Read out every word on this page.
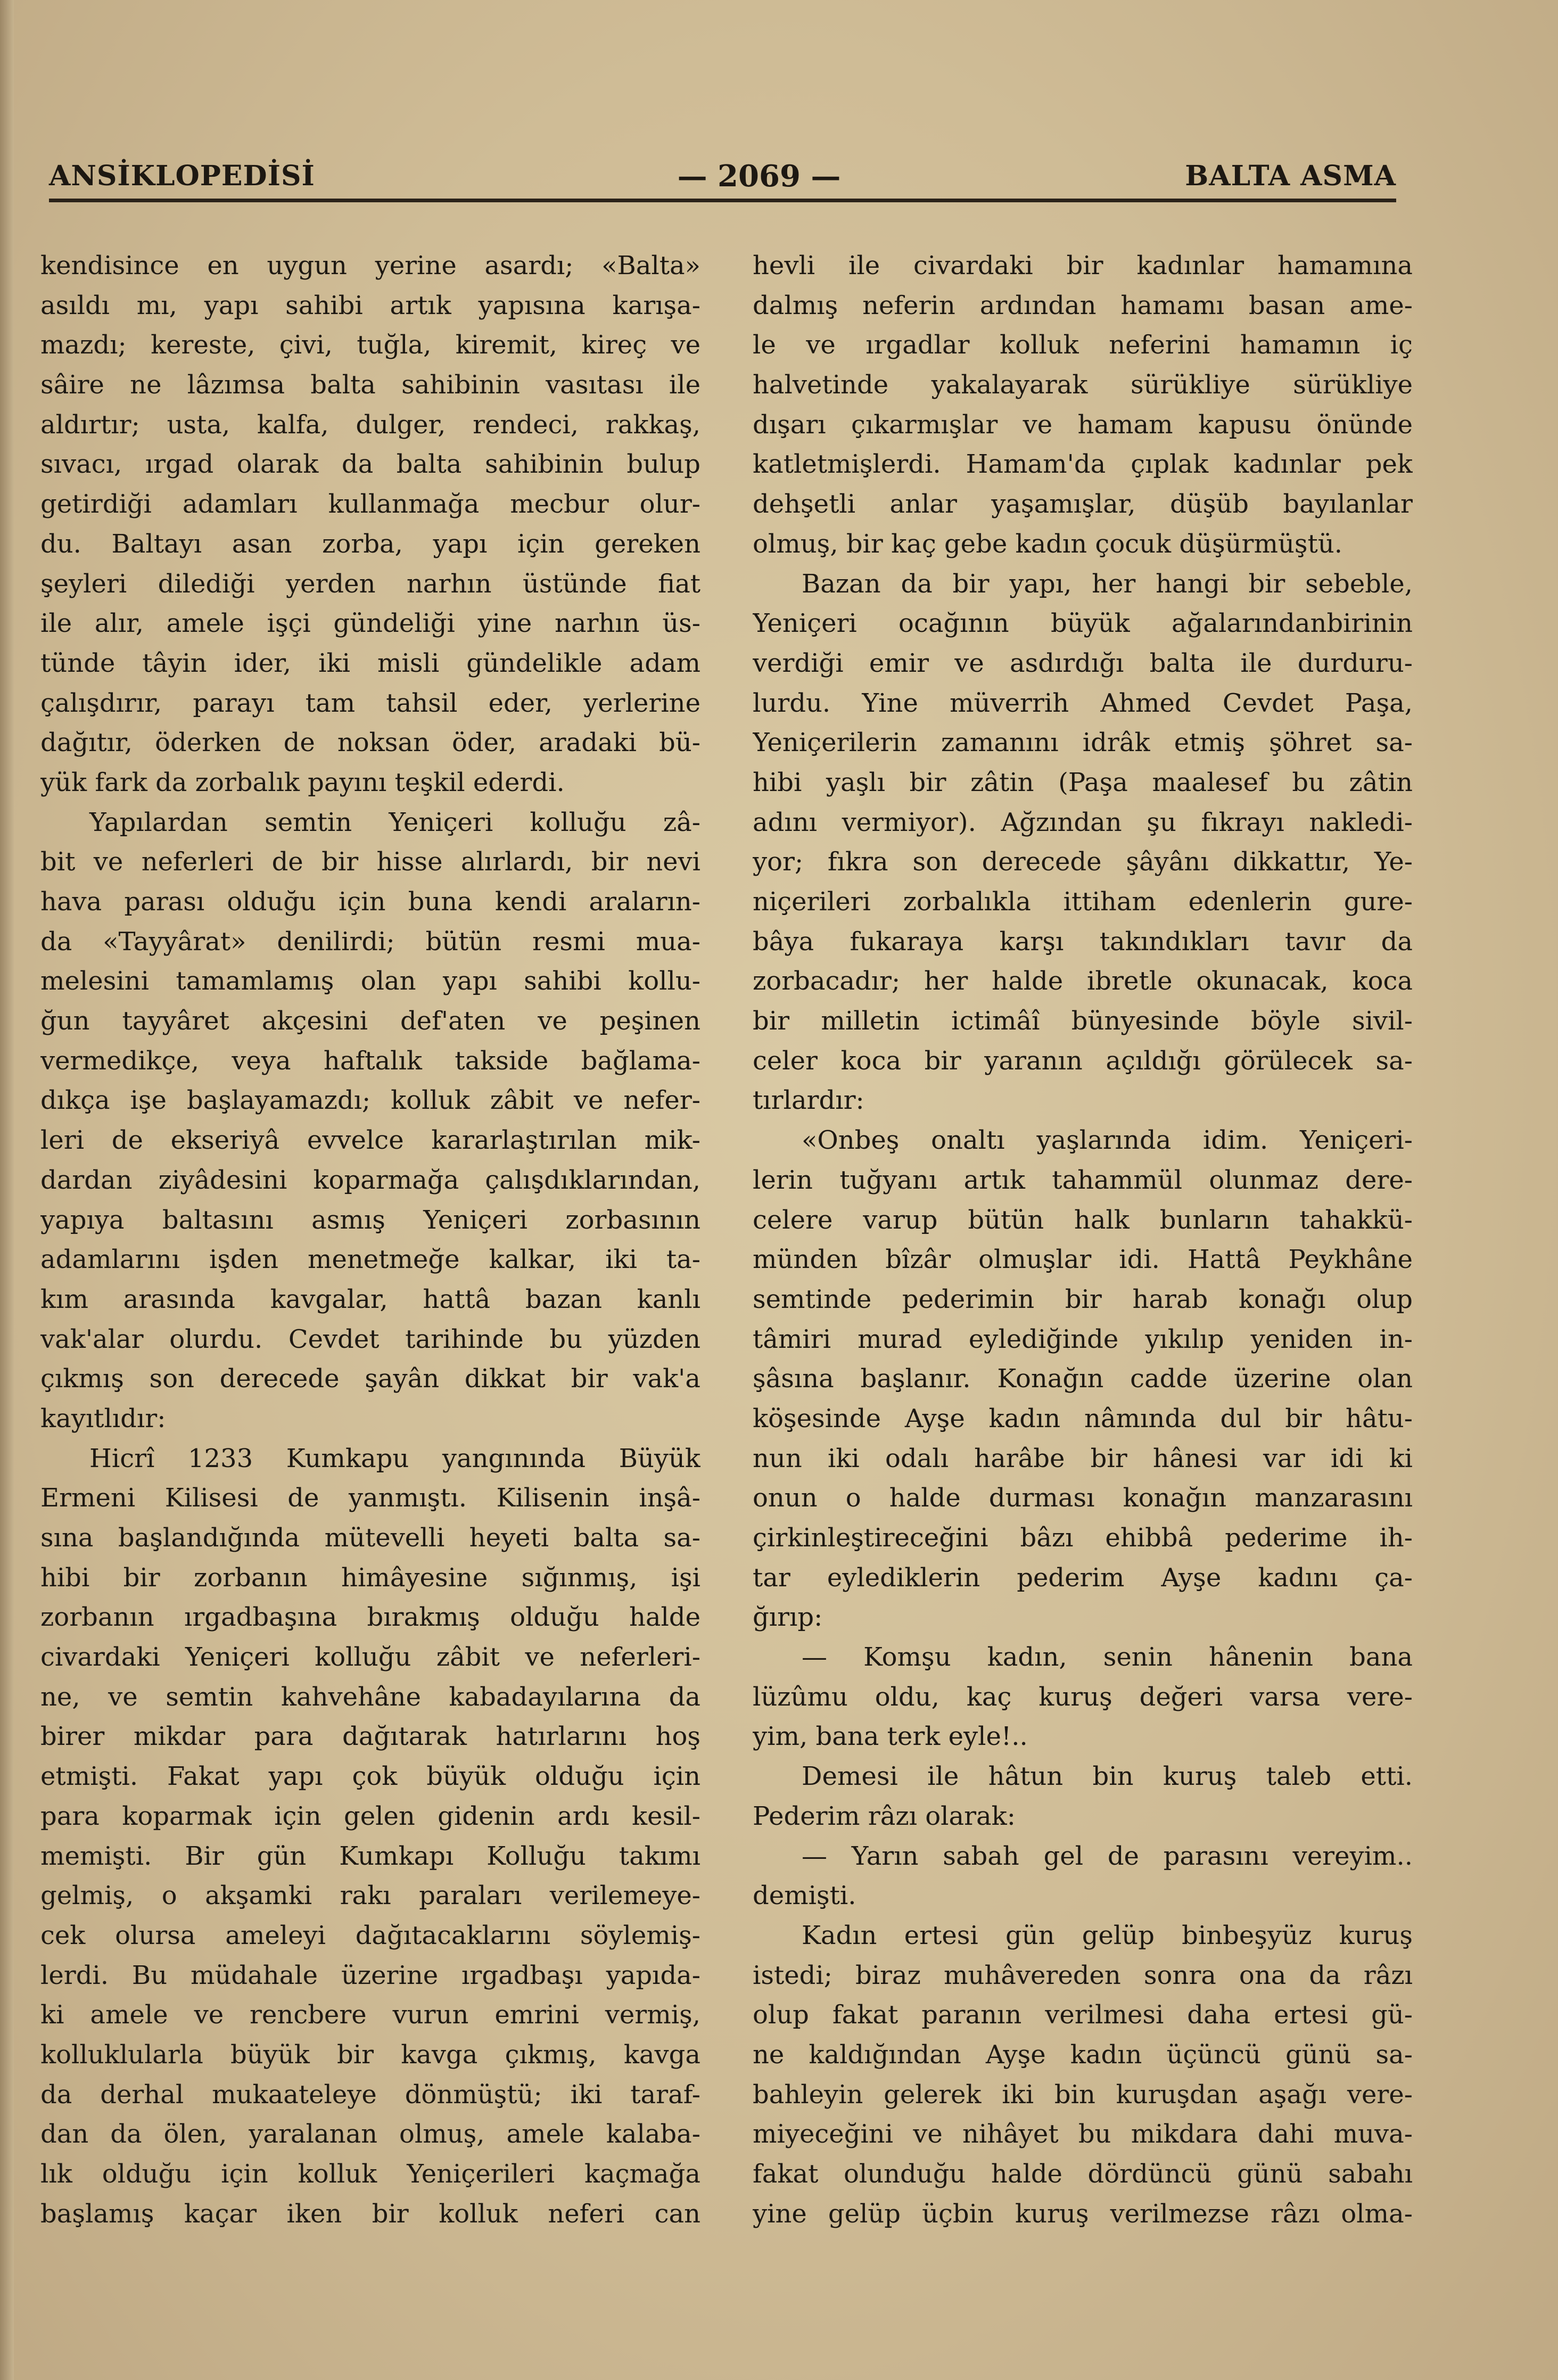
ANSİKLOPEDİSİ	— 2069 —	BALTA ASMA
kendisince en uygun yerine asardı; «Balta»
asıldı mı, yapı sahibi artık yapısına karışa-
mazdı; kereste, çivi, tuğla, kiremit, kireç ve
sâire ne lâzımsa balta sahibinin vasıtası ile
aldırtır; usta, kalfa, dulger, rendeci, rakkaş,
sıvacı, ırgad olarak da balta sahibinin bulup
getirdiği adamları kullanmağa mecbur olur-
du. Baltayı asan zorba, yapı için gereken
şeyleri dilediği yerden narhın üstünde fiat
ile alır, amele işçi gündeliği yine narhın üs-
tünde tâyin ider, iki misli gündelikle adam
çalışdırır, parayı tam tahsil eder, yerlerine
dağıtır, öderken de noksan öder, aradaki bü-
yük fark da zorbalık payını teşkil ederdi.
Yapılardan semtin Yeniçeri kolluğu zâ-
bit ve neferleri de bir hisse alırlardı, bir nevi
hava parası olduğu için buna kendi araların-
da «Tayyârat» denilirdi; bütün resmi mua-
melesini tamamlamış olan yapı sahibi kollu-
ğun tayyâret akçesini def'aten ve peşinen
vermedikçe, veya haftalık takside bağlama-
dıkça işe başlayamazdı; kolluk zâbit ve nefer-
leri de ekseriyâ evvelce kararlaştırılan mik-
dardan ziyâdesini koparmağa çalışdıklarından,
yapıya baltasını asmış Yeniçeri zorbasının
adamlarını işden menetmeğe kalkar, iki ta-
kım arasında kavgalar, hattâ bazan kanlı
vak'alar olurdu. Cevdet tarihinde bu yüzden
çıkmış son derecede şayân dikkat bir vak'a
kayıtlıdır:
Hicrî 1233 Kumkapu yangınında Büyük
Ermeni Kilisesi de yanmıştı. Kilisenin inşâ-
sına başlandığında mütevelli heyeti balta sa-
hibi bir zorbanın himâyesine sığınmış, işi
zorbanın ırgadbaşına bırakmış olduğu halde
civardaki Yeniçeri kolluğu zâbit ve neferleri-
ne, ve semtin kahvehâne kabadayılarına da
birer mikdar para dağıtarak hatırlarını hoş
etmişti. Fakat yapı çok büyük olduğu için
para koparmak için gelen gidenin ardı kesil-
memişti. Bir gün Kumkapı Kolluğu takımı
gelmiş, o akşamki rakı paraları verilemeye-
cek olursa ameleyi dağıtacaklarını söylemiş-
lerdi. Bu müdahale üzerine ırgadbaşı yapıda-
ki amele ve rencbere vurun emrini vermiş,
kolluklularla büyük bir kavga çıkmış, kavga
da derhal mukaateleye dönmüştü; iki taraf-
dan da ölen, yaralanan olmuş, amele kalaba-
lık olduğu için kolluk Yeniçerileri kaçmağa
başlamış kaçar iken bir kolluk neferi can
hevli ile civardaki bir kadınlar hamamına
dalmış neferin ardından hamamı basan ame-
le ve ırgadlar kolluk neferini hamamın iç
halvetinde yakalayarak sürükliye sürükliye
dışarı çıkarmışlar ve hamam kapusu önünde
katletmişlerdi. Hamam'da çıplak kadınlar pek
dehşetli anlar yaşamışlar, düşüb bayılanlar
olmuş, bir kaç gebe kadın çocuk düşürmüştü.
Bazan da bir yapı, her hangi bir sebeble,
Yeniçeri ocağının büyük ağalarındanbirinin
verdiği emir ve asdırdığı balta ile durduru-
lurdu. Yine müverrih Ahmed Cevdet Paşa,
Yeniçerilerin zamanını idrâk etmiş şöhret sa-
hibi yaşlı bir zâtin (Paşa maalesef bu zâtin
adını vermiyor). Ağzından şu fıkrayı nakledi-
yor; fıkra son derecede şâyânı dikkattır, Ye-
niçerileri zorbalıkla ittiham edenlerin gure-
bâya fukaraya karşı takındıkları tavır da
zorbacadır; her halde ibretle okunacak, koca
bir milletin ictimâî bünyesinde böyle sivil-
celer koca bir yaranın açıldığı görülecek sa-
tırlardır:
«Onbeş onaltı yaşlarında idim. Yeniçeri-
lerin tuğyanı artık tahammül olunmaz dere-
celere varup bütün halk bunların tahakkü-
münden bîzâr olmuşlar idi. Hattâ Peykhâne
semtinde pederimin bir harab konağı olup
tâmiri murad eylediğinde yıkılıp yeniden in-
şâsına başlanır. Konağın cadde üzerine olan
köşesinde Ayşe kadın nâmında dul bir hâtu-
nun iki odalı harâbe bir hânesi var idi ki
onun o halde durması konağın manzarasını
çirkinleştireceğini bâzı ehibbâ pederime ih-
tar eylediklerin pederim Ayşe kadını ça-
ğırıp:
— Komşu kadın, senin hânenin bana
lüzûmu oldu, kaç kuruş değeri varsa vere-
yim, bana terk eyle!..
Demesi ile hâtun bin kuruş taleb etti.
Pederim râzı olarak:
— Yarın sabah gel de parasını vereyim..
demişti.
Kadın ertesi gün gelüp binbeşyüz kuruş
istedi; biraz muhâvereden sonra ona da râzı
olup fakat paranın verilmesi daha ertesi gü-
ne kaldığından Ayşe kadın üçüncü günü sa-
bahleyin gelerek iki bin kuruşdan aşağı vere-
miyeceğini ve nihâyet bu mikdara dahi muva-
fakat olunduğu halde dördüncü günü sabahı
yine gelüp üçbin kuruş verilmezse râzı olma-
